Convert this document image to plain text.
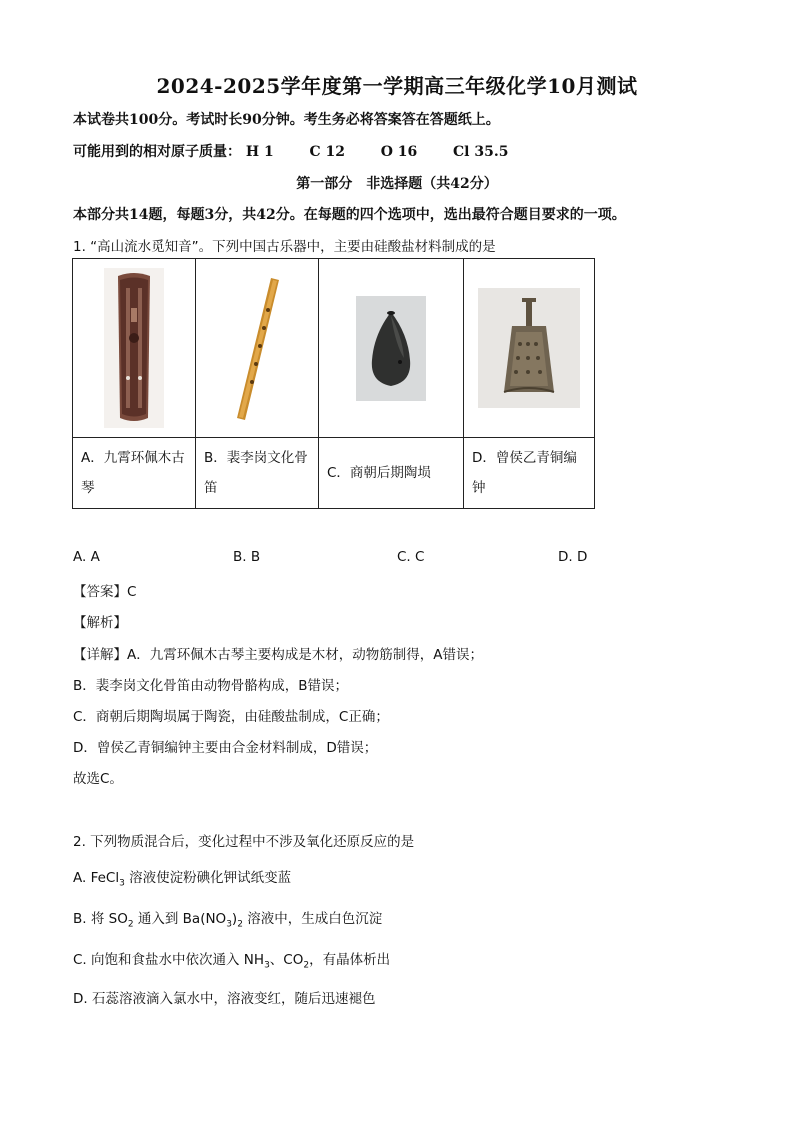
2024-2025学年度第一学期高三年级化学10月测试
本试卷共100分。考试时长90分钟。考生务必将答案答在答题纸上。
可能用到的相对原子质量： H 1	C 12	O 16	Cl 35.5
第一部分　非选择题（共42分）
本部分共14题，每题3分，共42分。在每题的四个选项中，选出最符合题目要求的一项。
1. “高山流水觅知音”。下列中国古乐器中，主要由硅酸盐材料制成的是

A．九霄环佩木古琴	B．裴李岗文化骨笛	C．商朝后期陶埙	D．曾侯乙青铜编钟
A. A	B. B	C. C	D. D
【答案】C
【解析】
【详解】A．九霄环佩木古琴主要构成是木材，动物筋制得，A错误；
B．裴李岗文化骨笛由动物骨骼构成，B错误；
C．商朝后期陶埙属于陶瓷，由硅酸盐制成，C正确；
D．曾侯乙青铜编钟主要由合金材料制成，D错误；
故选C。
2. 下列物质混合后，变化过程中不涉及氧化还原反应的是
A. FeCl$_3$ 溶液使淀粉碘化钾试纸变蓝
B. 将 $SO_2$ 通入到 $Ba(NO_3)_2$ 溶液中，生成白色沉淀
C. 向饱和食盐水中依次通入 $NH_3$、$CO_2$，有晶体析出
D. 石蕊溶液滴入氯水中，溶液变红，随后迅速褪色
